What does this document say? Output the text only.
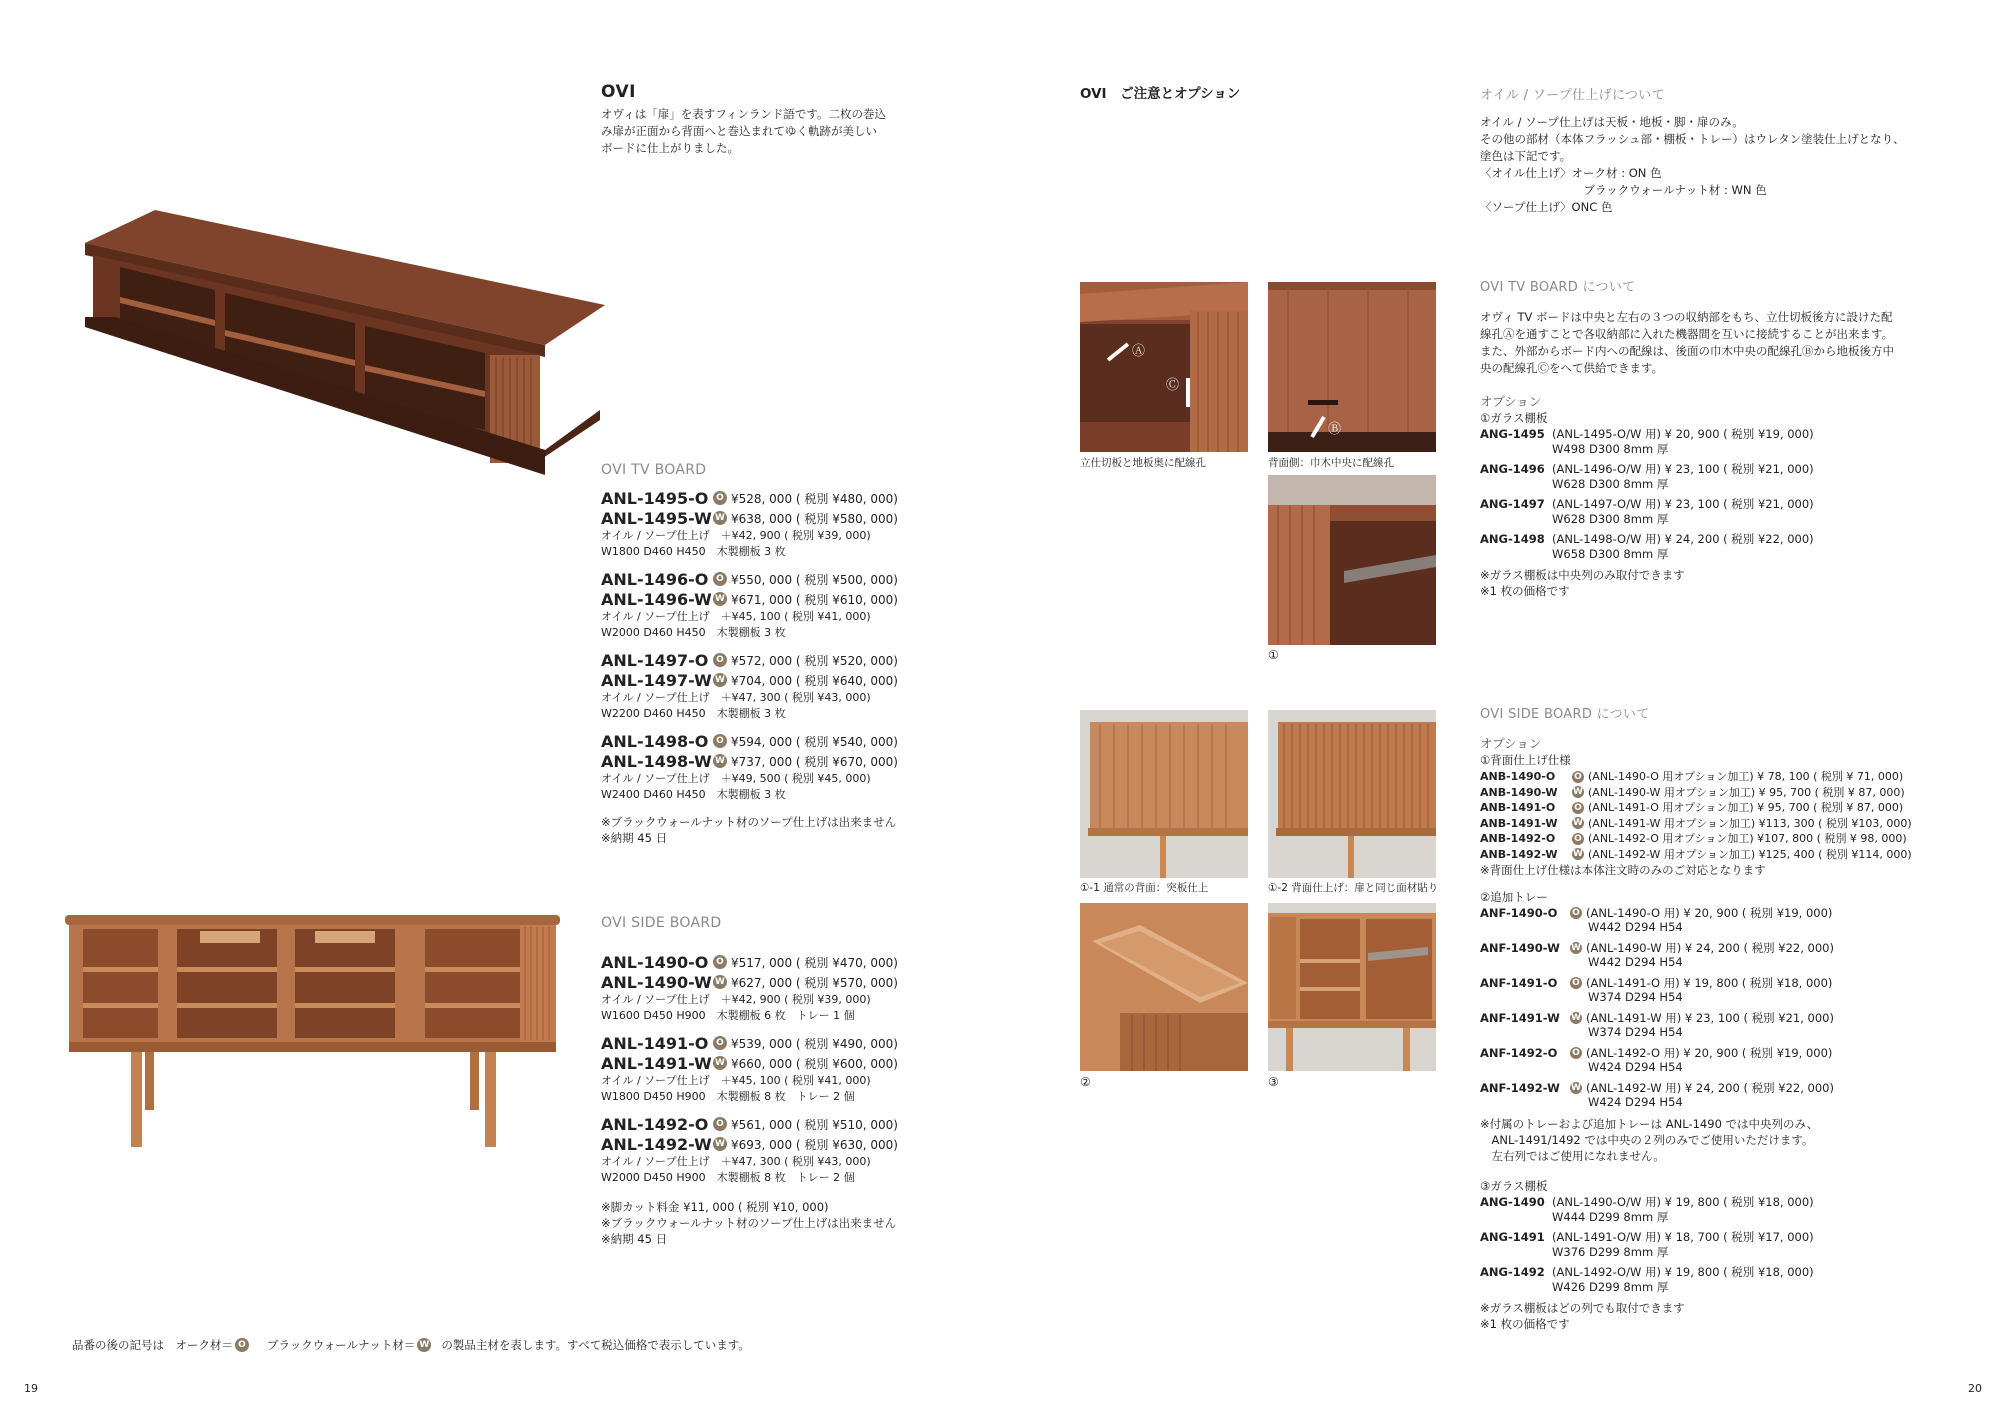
OVI
オヴィは「扉」を表すフィンランド語です。二枚の巻込
み扉が正面から背面へと巻込まれてゆく軌跡が美しい
ボードに仕上がりました。
OVI TV BOARD
ANL-1495-O O ¥528, 000 ( 税別 ¥480, 000)
ANL-1495-W W ¥638, 000 ( 税別 ¥580, 000)
オイル / ソープ仕上げ　＋¥42, 900 ( 税別 ¥39, 000)
W1800 D460 H450　木製棚板 3 枚
ANL-1496-O O ¥550, 000 ( 税別 ¥500, 000)
ANL-1496-W W ¥671, 000 ( 税別 ¥610, 000)
オイル / ソープ仕上げ　＋¥45, 100 ( 税別 ¥41, 000)
W2000 D460 H450　木製棚板 3 枚
ANL-1497-O O ¥572, 000 ( 税別 ¥520, 000)
ANL-1497-W W ¥704, 000 ( 税別 ¥640, 000)
オイル / ソープ仕上げ　＋¥47, 300 ( 税別 ¥43, 000)
W2200 D460 H450　木製棚板 3 枚
ANL-1498-O O ¥594, 000 ( 税別 ¥540, 000)
ANL-1498-W W ¥737, 000 ( 税別 ¥670, 000)
オイル / ソープ仕上げ　＋¥49, 500 ( 税別 ¥45, 000)
W2400 D460 H450　木製棚板 3 枚
※ブラックウォールナット材のソープ仕上げは出来ません
※納期 45 日
OVI SIDE BOARD
ANL-1490-O O ¥517, 000 ( 税別 ¥470, 000)
ANL-1490-W W ¥627, 000 ( 税別 ¥570, 000)
オイル / ソープ仕上げ　＋¥42, 900 ( 税別 ¥39, 000)
W1600 D450 H900　木製棚板 6 枚　トレー 1 個
ANL-1491-O O ¥539, 000 ( 税別 ¥490, 000)
ANL-1491-W W ¥660, 000 ( 税別 ¥600, 000)
オイル / ソープ仕上げ　＋¥45, 100 ( 税別 ¥41, 000)
W1800 D450 H900　木製棚板 8 枚　トレー 2 個
ANL-1492-O O ¥561, 000 ( 税別 ¥510, 000)
ANL-1492-W W ¥693, 000 ( 税別 ¥630, 000)
オイル / ソープ仕上げ　＋¥47, 300 ( 税別 ¥43, 000)
W2000 D450 H900　木製棚板 8 枚　トレー 2 個
※脚カット料金 ¥11, 000 ( 税別 ¥10, 000)
※ブラックウォールナット材のソープ仕上げは出来ません
※納期 45 日
品番の後の記号は　オーク材＝ O ブラックウォールナット材＝ W の製品主材を表します。すべて税込価格で表示しています。
19
OVI　ご注意とオプション
Ⓐ
Ⓒ
立仕切板と地板奥に配線孔
Ⓑ
背面側：巾木中央に配線孔
①
①-1 通常の背面：突板仕上	①-2 背面仕上げ：扉と同じ面材貼り
②	③
オイル / ソープ仕上げについて
オイル / ソープ仕上げは天板・地板・脚・扉のみ。
その他の部材（本体フラッシュ部・棚板・トレー）はウレタン塗装仕上げとなり、
塗色は下記です。
〈オイル仕上げ〉オーク材 : ON 色
　　　　　　　　　ブラックウォールナット材 : WN 色
〈ソープ仕上げ〉ONC 色
OVI TV BOARD について
オヴィ TV ボードは中央と左右の３つの収納部をもち、立仕切板後方に設けた配
線孔Ⓐを通すことで各収納部に入れた機器間を互いに接続することが出来ます。
また、外部からボード内への配線は、後面の巾木中央の配線孔Ⓑから地板後方中
央の配線孔Ⓒをへて供給できます。
オプション
①ガラス棚板
ANG-1495 (ANL-1495-O/W 用) ¥ 20, 900 ( 税別 ¥19, 000)
W498 D300 8mm 厚
ANG-1496 (ANL-1496-O/W 用) ¥ 23, 100 ( 税別 ¥21, 000)
W628 D300 8mm 厚
ANG-1497 (ANL-1497-O/W 用) ¥ 23, 100 ( 税別 ¥21, 000)
W628 D300 8mm 厚
ANG-1498 (ANL-1498-O/W 用) ¥ 24, 200 ( 税別 ¥22, 000)
W658 D300 8mm 厚
※ガラス棚板は中央列のみ取付できます
※1 枚の価格です
OVI SIDE BOARD について
オプション
①背面仕上げ仕様
ANB-1490-O	O (ANL-1490-O 用オプション加工) ¥ 78, 100 ( 税別 ¥ 71, 000)
ANB-1490-W	W (ANL-1490-W 用オプション加工) ¥ 95, 700 ( 税別 ¥ 87, 000)
ANB-1491-O	O (ANL-1491-O 用オプション加工) ¥ 95, 700 ( 税別 ¥ 87, 000)
ANB-1491-W	W (ANL-1491-W 用オプション加工) ¥113, 300 ( 税別 ¥103, 000)
ANB-1492-O	O (ANL-1492-O 用オプション加工) ¥107, 800 ( 税別 ¥ 98, 000)
ANB-1492-W	W (ANL-1492-W 用オプション加工) ¥125, 400 ( 税別 ¥114, 000)
※背面仕上げ仕様は本体注文時のみのご対応となります
②追加トレー
ANF-1490-O	O (ANL-1490-O 用) ¥ 20, 900 ( 税別 ¥19, 000)
W442 D294 H54
ANF-1490-W	W (ANL-1490-W 用) ¥ 24, 200 ( 税別 ¥22, 000)
W442 D294 H54
ANF-1491-O	O (ANL-1491-O 用) ¥ 19, 800 ( 税別 ¥18, 000)
W374 D294 H54
ANF-1491-W	W (ANL-1491-W 用) ¥ 23, 100 ( 税別 ¥21, 000)
W374 D294 H54
ANF-1492-O	O (ANL-1492-O 用) ¥ 20, 900 ( 税別 ¥19, 000)
W424 D294 H54
ANF-1492-W	W (ANL-1492-W 用) ¥ 24, 200 ( 税別 ¥22, 000)
W424 D294 H54
※付属のトレーおよび追加トレーは ANL-1490 では中央列のみ、
　ANL-1491/1492 では中央の２列のみでご使用いただけます。
　左右列ではご使用になれません。
③ガラス棚板
ANG-1490 (ANL-1490-O/W 用) ¥ 19, 800 ( 税別 ¥18, 000)
W444 D299 8mm 厚
ANG-1491 (ANL-1491-O/W 用) ¥ 18, 700 ( 税別 ¥17, 000)
W376 D299 8mm 厚
ANG-1492 (ANL-1492-O/W 用) ¥ 19, 800 ( 税別 ¥18, 000)
W426 D299 8mm 厚
※ガラス棚板はどの列でも取付できます
※1 枚の価格です
20
